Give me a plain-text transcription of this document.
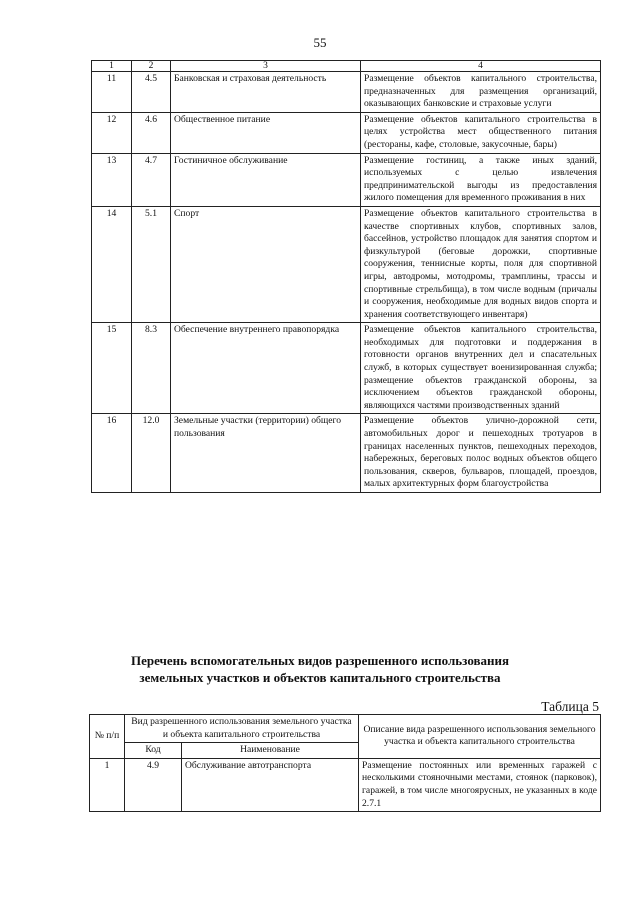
55
1	2	3	4
11	4.5	Банковская и страховая деятельность	Размещение объектов капитального строительства, предназначенных для размещения организаций, оказывающих банковские и страховые услуги
12	4.6	Общественное питание	Размещение объектов капитального строительства в целях устройства мест общественного питания (рестораны, кафе, столовые, закусочные, бары)
13	4.7	Гостиничное обслуживание	Размещение гостиниц, а также иных зданий, используемых с целью извлечения предпринимательской выгоды из предоставления жилого помещения для временного проживания в них
14	5.1	Спорт	Размещение объектов капитального строительства в качестве спортивных клубов, спортивных залов, бассейнов, устройство площадок для занятия спортом и физкультурой (беговые дорожки, спортивные сооружения, теннисные корты, поля для спортивной игры, автодромы, мотодромы, трамплины, трассы и спортивные стрельбища), в том числе водным (причалы и сооружения, необходимые для водных видов спорта и хранения соответствующего инвентаря)
15	8.3	Обеспечение внутреннего правопорядка	Размещение объектов капитального строительства, необходимых для подготовки и поддержания в готовности органов внутренних дел и спасательных служб, в которых существует военизированная служба; размещение объектов гражданской обороны, за исключением объектов гражданской обороны, являющихся частями производственных зданий
16	12.0	Земельные участки (территории) общего пользования	Размещение объектов улично-дорожной сети, автомобильных дорог и пешеходных тротуаров в границах населенных пунктов, пешеходных переходов, набережных, береговых полос водных объектов общего пользования, скверов, бульваров, площадей, проездов, малых архитектурных форм благоустройства
Перечень вспомогательных видов разрешенного использования
земельных участков и объектов капитального строительства
Таблица 5
№ п/п	Вид разрешенного использования земельного участка и объекта капитального строительства		Описание вида разрешенного использования земельного участка и объекта капитального строительства
	Код	Наименование	
1	4.9	Обслуживание автотранспорта	Размещение постоянных или временных гаражей с несколькими стояночными местами, стоянок (парковок), гаражей, в том числе многоярусных, не указанных в коде 2.7.1
